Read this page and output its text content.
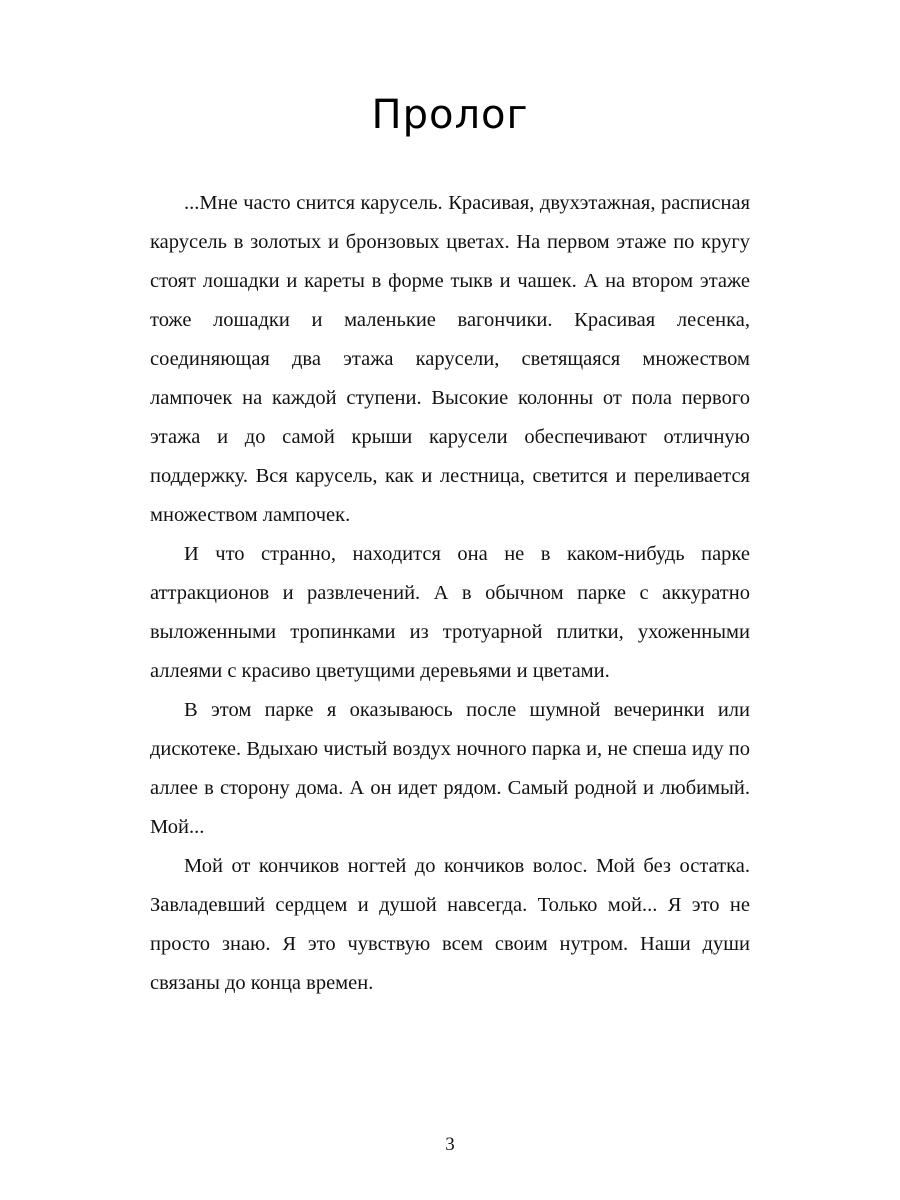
Пролог

...Мне часто снится карусель. Красивая, двухэтажная, расписная карусель в золотых и бронзовых цветах. На первом этаже по кругу стоят лошадки и кареты в форме тыкв и чашек. А на втором этаже тоже лошадки и маленькие вагончики. Красивая лесенка, соединяющая два этажа карусели, светящаяся множеством лампочек на каждой ступени. Высокие колонны от пола первого этажа и до самой крыши карусели обеспечивают отличную поддержку. Вся карусель, как и лестница, светится и переливается множеством лампочек.

И что странно, находится она не в каком-нибудь парке аттракционов и развлечений. А в обычном парке с аккуратно выложенными тропинками из тротуарной плитки, ухоженными аллеями с красиво цветущими деревьями и цветами.

В этом парке я оказываюсь после шумной вечеринки или дискотеке. Вдыхаю чистый воздух ночного парка и, не спеша иду по аллее в сторону дома. А он идет рядом. Самый родной и любимый. Мой...

Мой от кончиков ногтей до кончиков волос. Мой без остатка. Завладевший сердцем и душой навсегда. Только мой... Я это не просто знаю. Я это чувствую всем своим нутром. Наши души связаны до конца времен.

3
